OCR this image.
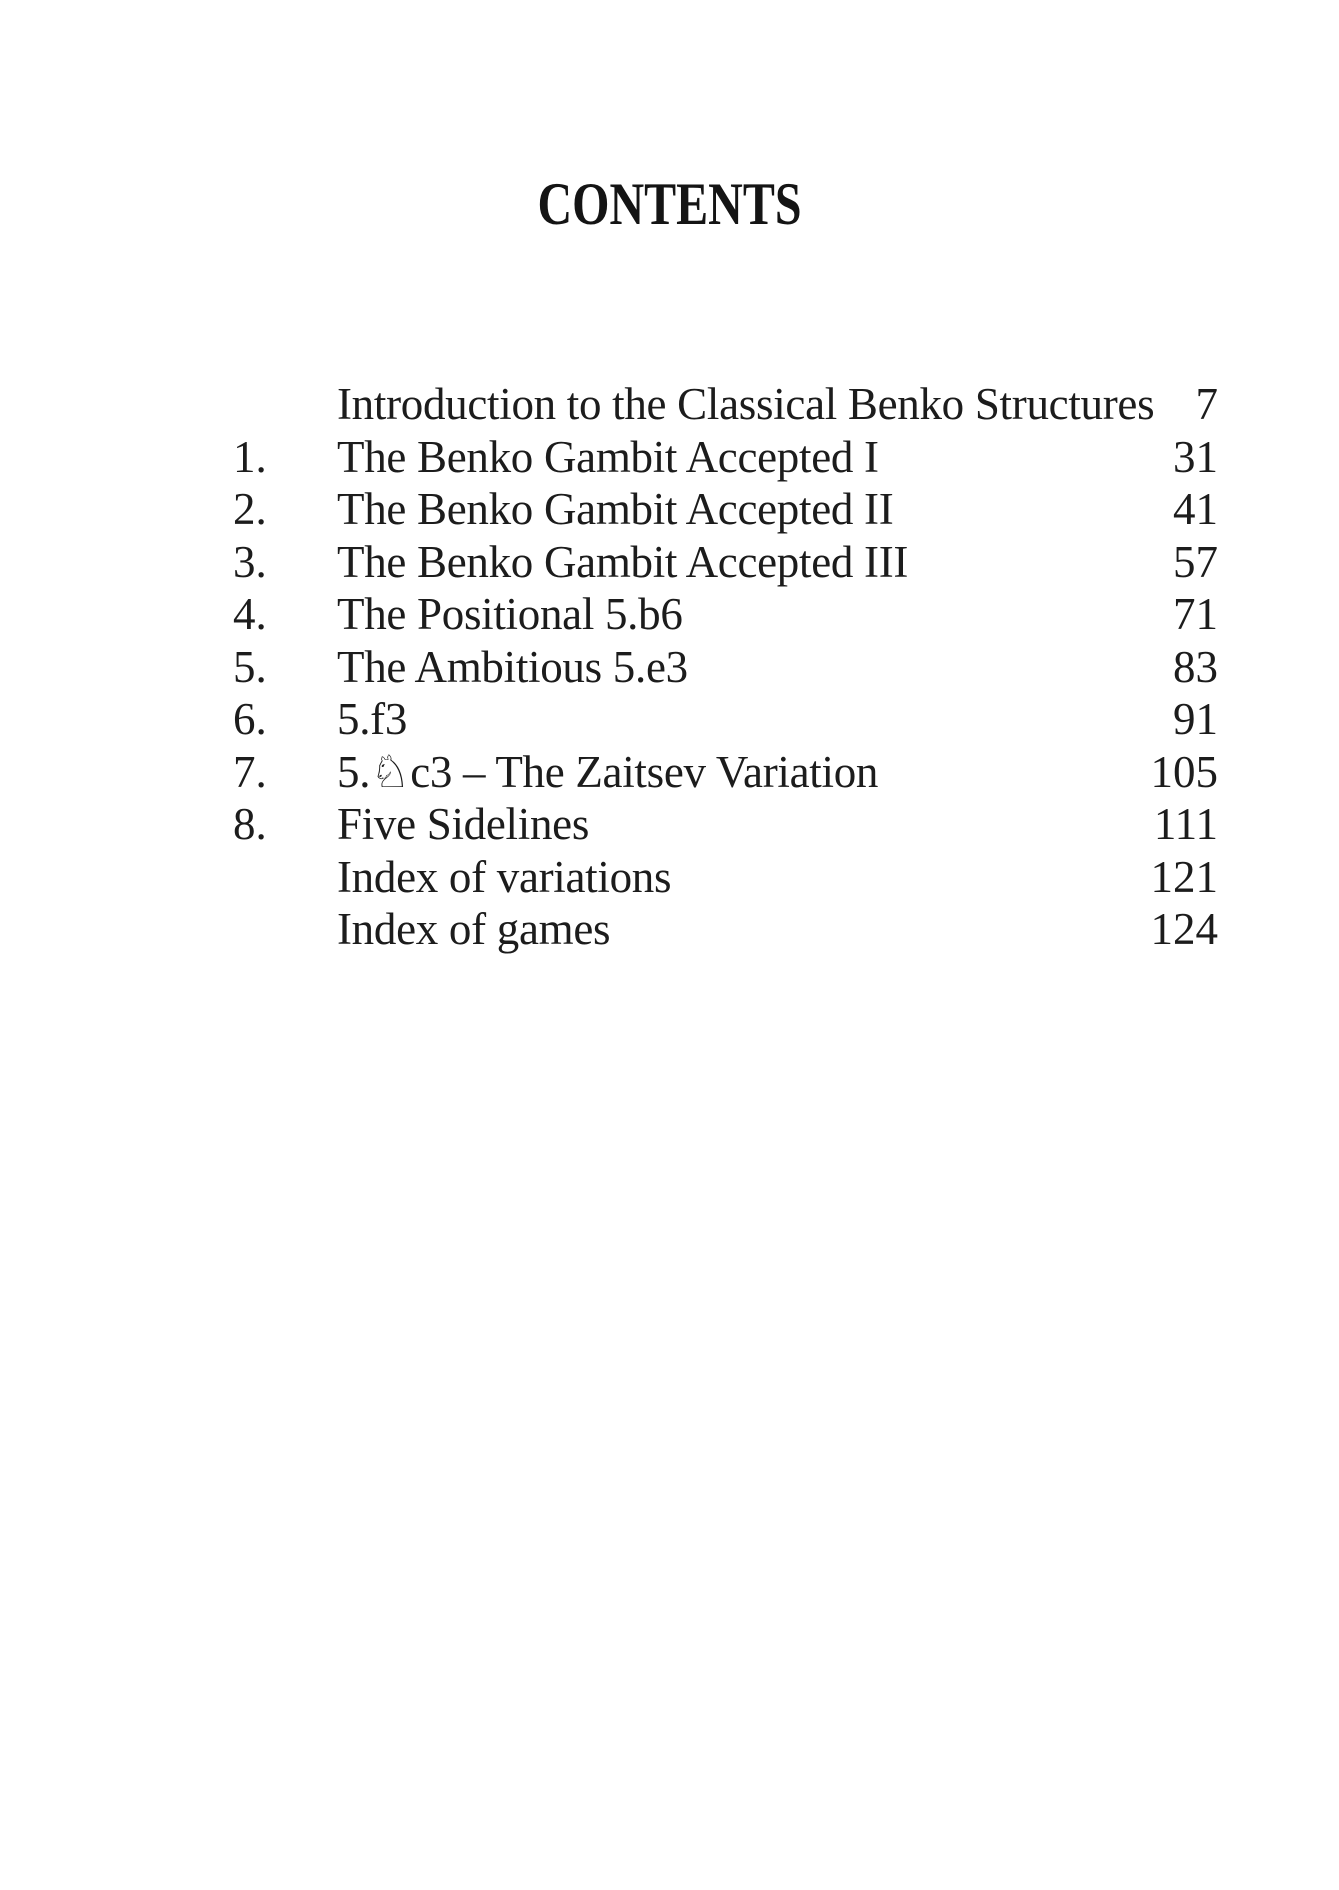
CONTENTS
Introduction to the Classical Benko Structures 7
1.	The Benko Gambit Accepted I	31
2.	The Benko Gambit Accepted II	41
3.	The Benko Gambit Accepted III	57
4.	The Positional 5.b6	71
5.	The Ambitious 5.e3	83
6.	5.f3	91
7.	5.♘c3 – The Zaitsev Variation	105
8.	Five Sidelines	111
Index of variations	121
Index of games	124
